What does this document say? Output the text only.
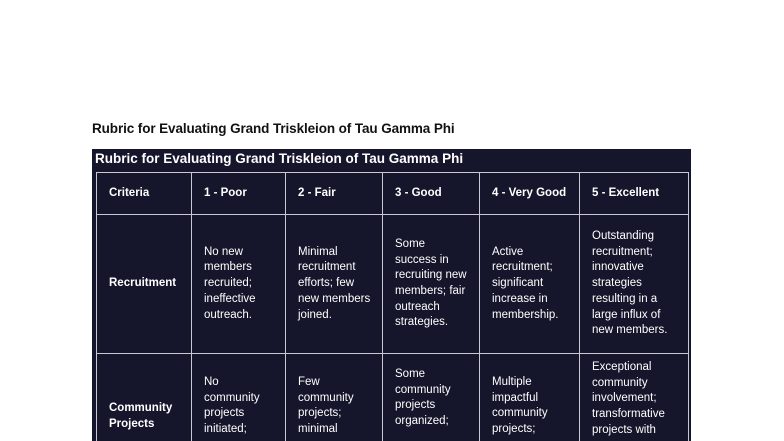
Rubric for Evaluating Grand Triskleion of Tau Gamma Phi
Rubric for Evaluating Grand Triskleion of Tau Gamma Phi
Criteria	1 - Poor	2 - Fair	3 - Good	4 - Very Good	5 - Excellent
Recruitment	No new members recruited; ineffective outreach.	Minimal recruitment efforts; few new members joined.	Some success in recruiting new members; fair outreach strategies.	Active recruitment; significant increase in membership.	Outstanding recruitment; innovative strategies resulting in a large influx of new members.
Community Projects	No community projects initiated;	Few community projects; minimal	Some community projects organized;	Multiple impactful community projects;	Exceptional community involvement; transformative projects with
